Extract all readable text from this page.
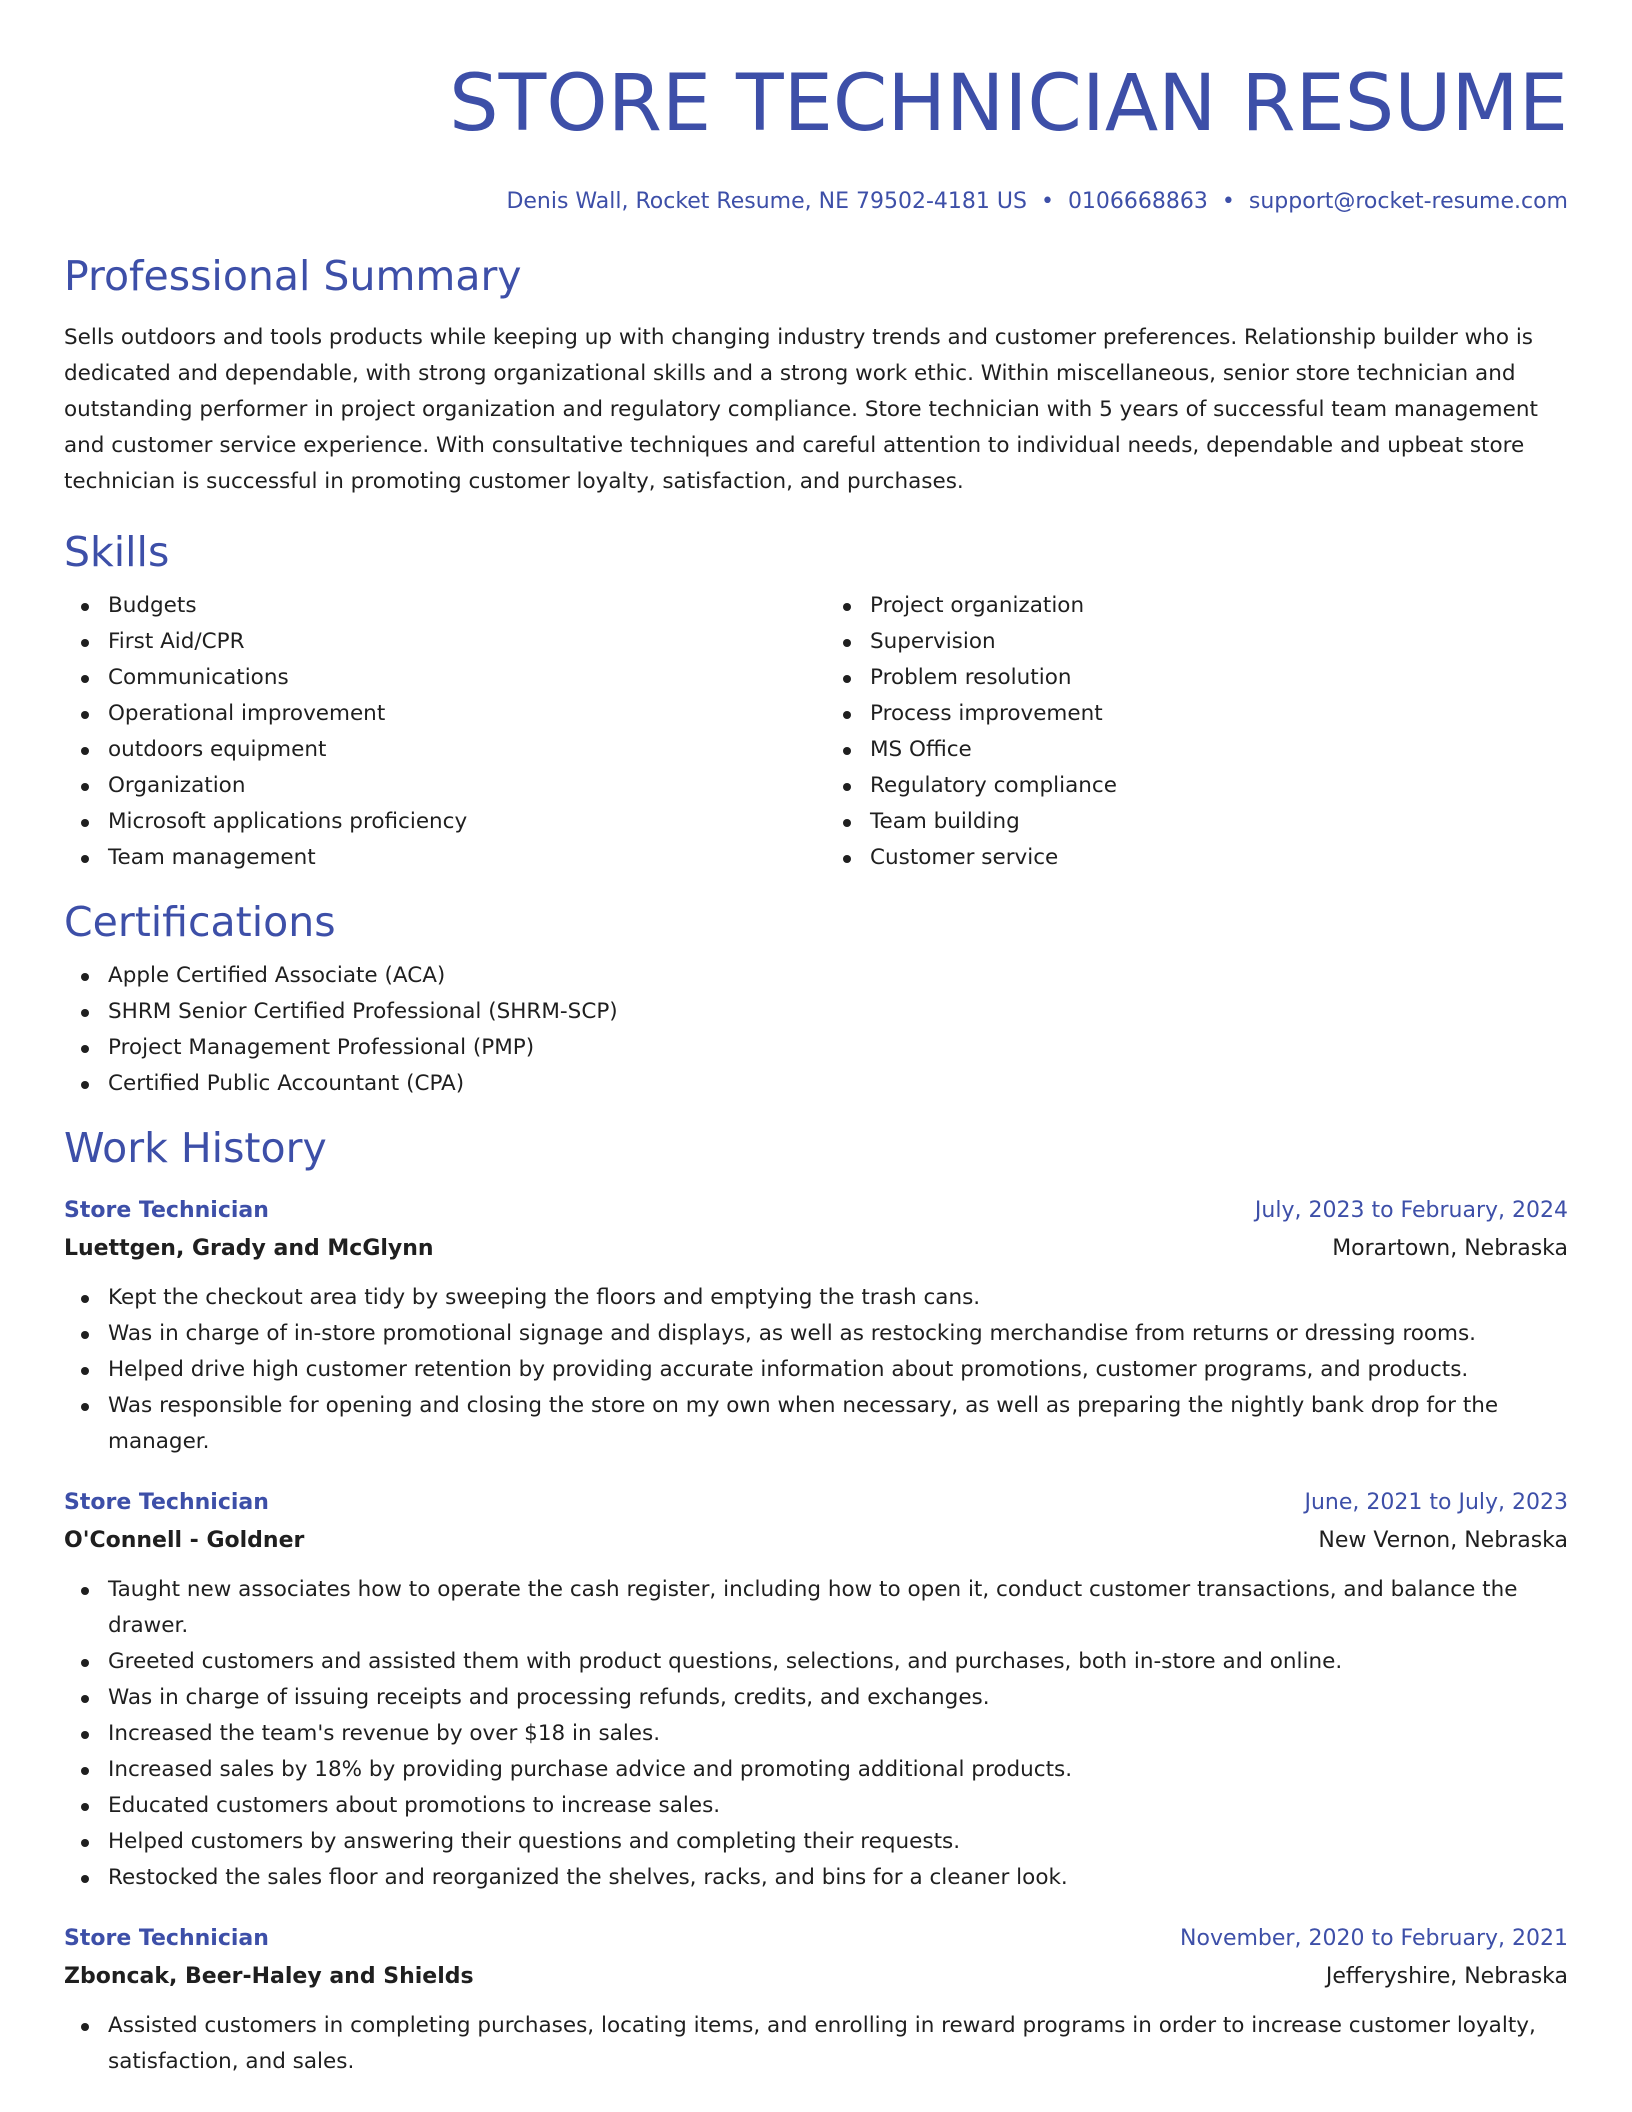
STORE TECHNICIAN RESUME
Denis Wall, Rocket Resume, NE 79502-4181 US • 0106668863 • support@rocket-resume.com
Professional Summary

Sells outdoors and tools products while keeping up with changing industry trends and customer preferences. Relationship builder who is dedicated and dependable, with strong organizational skills and a strong work ethic. Within miscellaneous, senior store technician and outstanding performer in project organization and regulatory compliance. Store technician with 5 years of successful team management and customer service experience. With consultative techniques and careful attention to individual needs, dependable and upbeat store technician is successful in promoting customer loyalty, satisfaction, and purchases.

Skills
Budgets
First Aid/CPR
Communications
Operational improvement
outdoors equipment
Organization
Microsoft applications proficiency
Team management
Project organization
Supervision
Problem resolution
Process improvement
MS Office
Regulatory compliance
Team building
Customer service
Certifications
Apple Certified Associate (ACA)
SHRM Senior Certified Professional (SHRM-SCP)
Project Management Professional (PMP)
Certified Public Accountant (CPA)
Work History
Store Technician	July, 2023 to February, 2024
Luettgen, Grady and McGlynn	Morartown, Nebraska
Kept the checkout area tidy by sweeping the floors and emptying the trash cans.
Was in charge of in-store promotional signage and displays, as well as restocking merchandise from returns or dressing rooms.
Helped drive high customer retention by providing accurate information about promotions, customer programs, and products.
Was responsible for opening and closing the store on my own when necessary, as well as preparing the nightly bank drop for the manager.
Store Technician	June, 2021 to July, 2023
O'Connell - Goldner	New Vernon, Nebraska
Taught new associates how to operate the cash register, including how to open it, conduct customer transactions, and balance the drawer.
Greeted customers and assisted them with product questions, selections, and purchases, both in-store and online.
Was in charge of issuing receipts and processing refunds, credits, and exchanges.
Increased the team's revenue by over $18 in sales.
Increased sales by 18% by providing purchase advice and promoting additional products.
Educated customers about promotions to increase sales.
Helped customers by answering their questions and completing their requests.
Restocked the sales floor and reorganized the shelves, racks, and bins for a cleaner look.
Store Technician	November, 2020 to February, 2021
Zboncak, Beer-Haley and Shields	Jefferyshire, Nebraska
Assisted customers in completing purchases, locating items, and enrolling in reward programs in order to increase customer loyalty, satisfaction, and sales.
